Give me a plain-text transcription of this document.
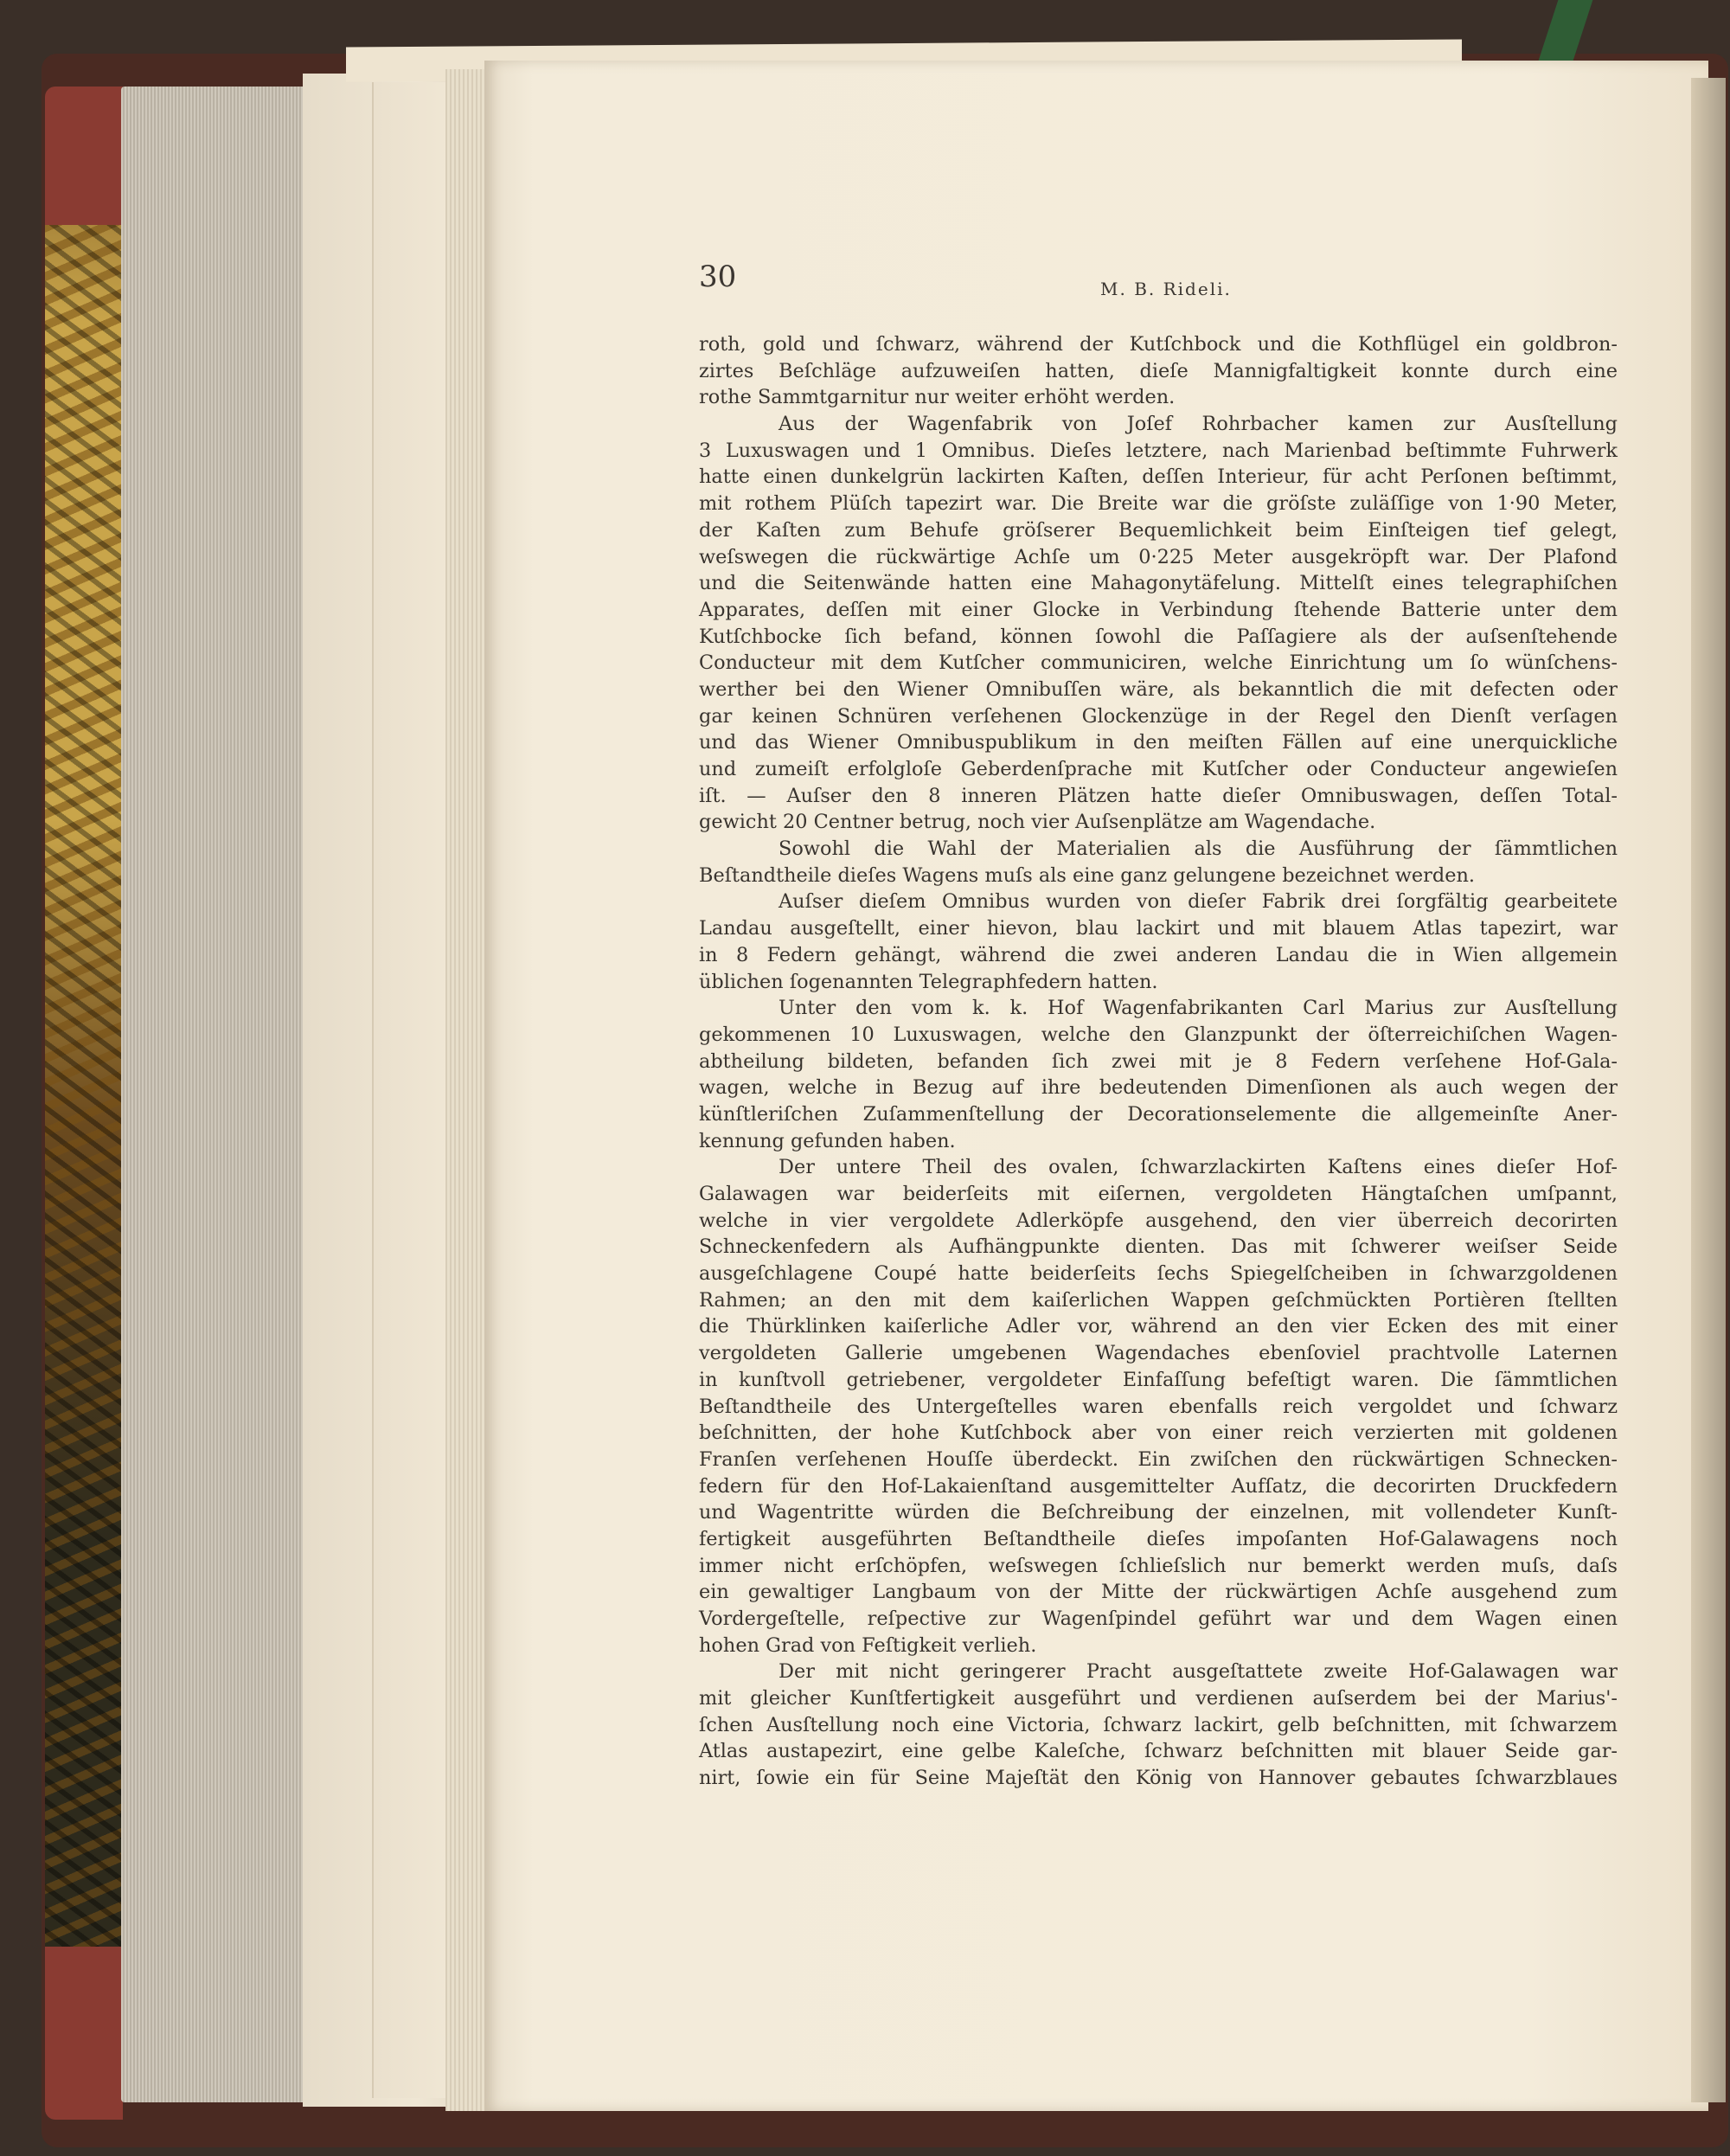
30	M. B. Rideli.
roth, gold und ſchwarz, während der Kutſchbock und die Kothflügel ein goldbron-
zirtes Beſchläge aufzuweiſen hatten, dieſe Mannigfaltigkeit konnte durch eine
rothe Sammtgarnitur nur weiter erhöht werden.
Aus der Wagenfabrik von Joſef Rohrbacher kamen zur Ausſtellung
3 Luxuswagen und 1 Omnibus. Dieſes letztere, nach Marienbad beſtimmte Fuhrwerk
hatte einen dunkelgrün lackirten Kaſten, deſſen Interieur, für acht Perſonen beſtimmt,
mit rothem Plüſch tapezirt war. Die Breite war die gröſste zuläſſige von 1·90 Meter,
der Kaſten zum Behufe gröſserer Bequemlichkeit beim Einſteigen tief gelegt,
weſswegen die rückwärtige Achſe um 0·225 Meter ausgekröpft war. Der Plafond
und die Seitenwände hatten eine Mahagonytäfelung. Mittelſt eines telegraphiſchen
Apparates, deſſen mit einer Glocke in Verbindung ſtehende Batterie unter dem
Kutſchbocke ſich befand, können ſowohl die Paſſagiere als der auſsenſtehende
Conducteur mit dem Kutſcher communiciren, welche Einrichtung um ſo wünſchens-
werther bei den Wiener Omnibuſſen wäre, als bekanntlich die mit defecten oder
gar keinen Schnüren verſehenen Glockenzüge in der Regel den Dienſt verſagen
und das Wiener Omnibuspublikum in den meiſten Fällen auf eine unerquickliche
und zumeiſt erfolgloſe Geberdenſprache mit Kutſcher oder Conducteur angewieſen
iſt. — Auſser den 8 inneren Plätzen hatte dieſer Omnibuswagen, deſſen Total-
gewicht 20 Centner betrug, noch vier Auſsenplätze am Wagendache.
Sowohl die Wahl der Materialien als die Ausführung der ſämmtlichen
Beſtandtheile dieſes Wagens muſs als eine ganz gelungene bezeichnet werden.
Auſser dieſem Omnibus wurden von dieſer Fabrik drei ſorgfältig gearbeitete
Landau ausgeſtellt, einer hievon, blau lackirt und mit blauem Atlas tapezirt, war
in 8 Federn gehängt, während die zwei anderen Landau die in Wien allgemein
üblichen ſogenannten Telegraphfedern hatten.
Unter den vom k. k. Hof Wagenfabrikanten Carl Marius zur Ausſtellung
gekommenen 10 Luxuswagen, welche den Glanzpunkt der öſterreichiſchen Wagen-
abtheilung bildeten, befanden ſich zwei mit je 8 Federn verſehene Hof-Gala-
wagen, welche in Bezug auf ihre bedeutenden Dimenſionen als auch wegen der
künſtleriſchen Zuſammenſtellung der Decorationselemente die allgemeinſte Aner-
kennung gefunden haben.
Der untere Theil des ovalen, ſchwarzlackirten Kaſtens eines dieſer Hof-
Galawagen war beiderſeits mit eiſernen, vergoldeten Hängtaſchen umſpannt,
welche in vier vergoldete Adlerköpfe ausgehend, den vier überreich decorirten
Schneckenfedern als Aufhängpunkte dienten. Das mit ſchwerer weiſser Seide
ausgeſchlagene Coupé hatte beiderſeits ſechs Spiegelſcheiben in ſchwarzgoldenen
Rahmen; an den mit dem kaiſerlichen Wappen geſchmückten Portièren ſtellten
die Thürklinken kaiſerliche Adler vor, während an den vier Ecken des mit einer
vergoldeten Gallerie umgebenen Wagendaches ebenſoviel prachtvolle Laternen
in kunſtvoll getriebener, vergoldeter Einfaſſung befeſtigt waren. Die ſämmtlichen
Beſtandtheile des Untergeſtelles waren ebenfalls reich vergoldet und ſchwarz
beſchnitten, der hohe Kutſchbock aber von einer reich verzierten mit goldenen
Franſen verſehenen Houſſe überdeckt. Ein zwiſchen den rückwärtigen Schnecken-
federn für den Hof-Lakaienſtand ausgemittelter Aufſatz, die decorirten Druckfedern
und Wagentritte würden die Beſchreibung der einzelnen, mit vollendeter Kunſt-
fertigkeit ausgeführten Beſtandtheile dieſes impoſanten Hof-Galawagens noch
immer nicht erſchöpfen, weſswegen ſchlieſslich nur bemerkt werden muſs, daſs
ein gewaltiger Langbaum von der Mitte der rückwärtigen Achſe ausgehend zum
Vordergeſtelle, reſpective zur Wagenſpindel geführt war und dem Wagen einen
hohen Grad von Feſtigkeit verlieh.
Der mit nicht geringerer Pracht ausgeſtattete zweite Hof-Galawagen war
mit gleicher Kunſtfertigkeit ausgeführt und verdienen auſserdem bei der Marius'-
ſchen Ausſtellung noch eine Victoria, ſchwarz lackirt, gelb beſchnitten, mit ſchwarzem
Atlas austapezirt, eine gelbe Kaleſche, ſchwarz beſchnitten mit blauer Seide gar-
nirt, ſowie ein für Seine Majeſtät den König von Hannover gebautes ſchwarzblaues
